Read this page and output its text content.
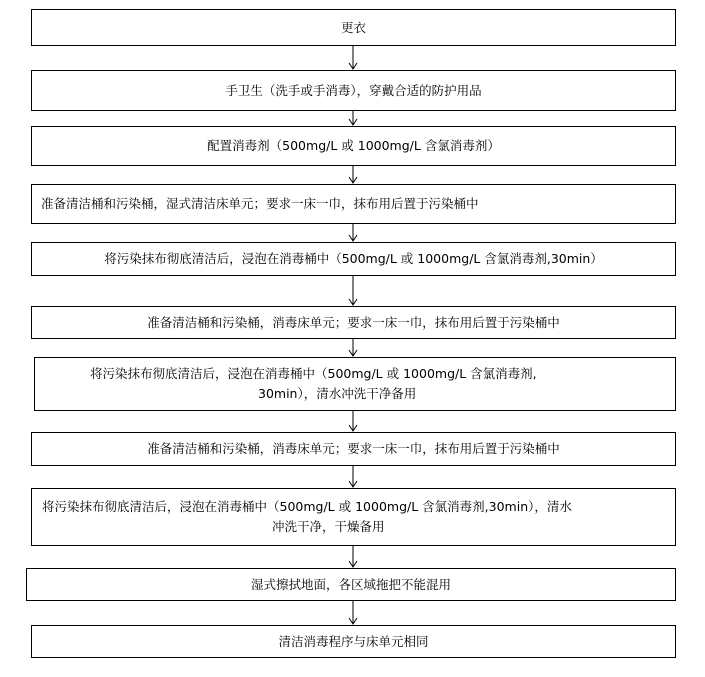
更衣
手卫生（洗手或手消毒），穿戴合适的防护用品
配置消毒剂（500mg/L 或 1000mg/L 含氯消毒剂）
准备清洁桶和污染桶，湿式清洁床单元；要求一床一巾，抹布用后置于污染桶中
将污染抹布彻底清洁后，浸泡在消毒桶中（500mg/L 或 1000mg/L 含氯消毒剂,30min）
准备清洁桶和污染桶，消毒床单元；要求一床一巾，抹布用后置于污染桶中
将污染抹布彻底清洁后，浸泡在消毒桶中（500mg/L 或 1000mg/L 含氯消毒剂,
30min），清水冲洗干净备用
准备清洁桶和污染桶，消毒床单元；要求一床一巾，抹布用后置于污染桶中
将污染抹布彻底清洁后，浸泡在消毒桶中（500mg/L 或 1000mg/L 含氯消毒剂,30min），清水
冲洗干净，干燥备用
湿式擦拭地面，各区域拖把不能混用
清洁消毒程序与床单元相同
